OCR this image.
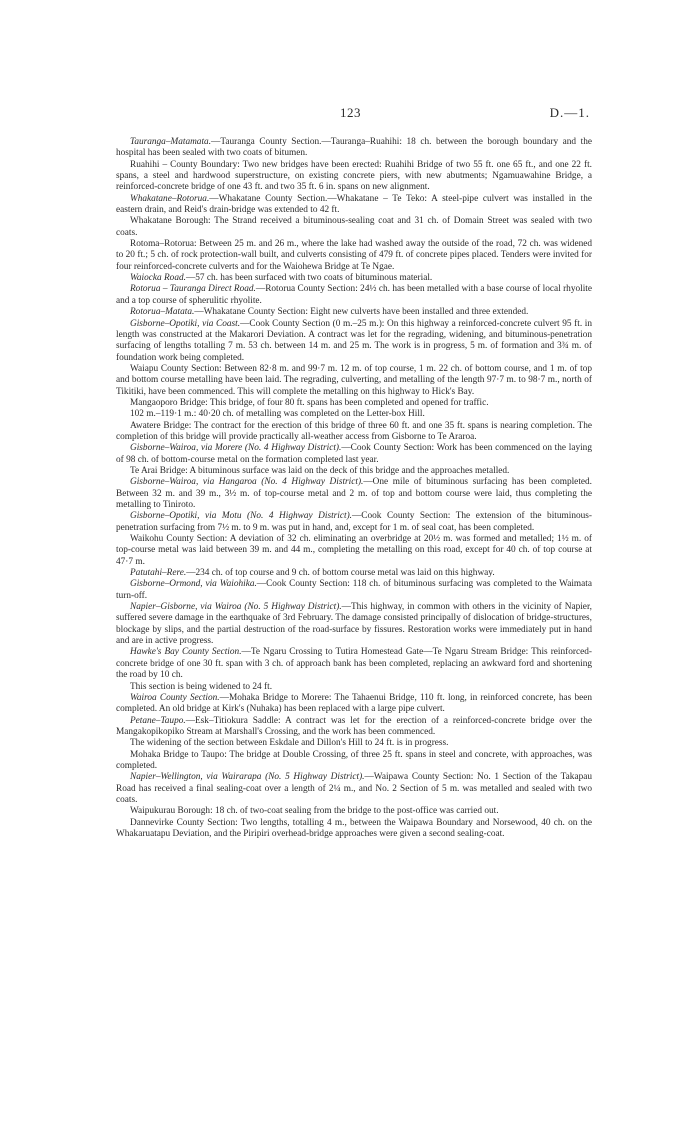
123	D.—1.

Tauranga–Matamata.—Tauranga County Section.—Tauranga–Ruahihi: 18 ch. between the borough boundary and the hospital has been sealed with two coats of bitumen.

Ruahihi – County Boundary: Two new bridges have been erected: Ruahihi Bridge of two 55 ft. one 65 ft., and one 22 ft. spans, a steel and hardwood superstructure, on existing concrete piers, with new abutments; Ngamuawahine Bridge, a reinforced-concrete bridge of one 43 ft. and two 35 ft. 6 in. spans on new alignment.

Whakatane–Rotorua.—Whakatane County Section.—Whakatane – Te Teko: A steel-pipe culvert was installed in the eastern drain, and Reid's drain-bridge was extended to 42 ft.

Whakatane Borough: The Strand received a bituminous-sealing coat and 31 ch. of Domain Street was sealed with two coats.

Rotoma–Rotorua: Between 25 m. and 26 m., where the lake had washed away the outside of the road, 72 ch. was widened to 20 ft.; 5 ch. of rock protection-wall built, and culverts consisting of 479 ft. of concrete pipes placed. Tenders were invited for four reinforced-concrete culverts and for the Waiohewa Bridge at Te Ngae.

Waiocka Road.—57 ch. has been surfaced with two coats of bituminous material.

Rotorua – Tauranga Direct Road.—Rotorua County Section: 24½ ch. has been metalled with a base course of local rhyolite and a top course of spherulitic rhyolite.

Rotorua–Matata.—Whakatane County Section: Eight new culverts have been installed and three extended.

Gisborne–Opotiki, via Coast.—Cook County Section (0 m.–25 m.): On this highway a reinforced-concrete culvert 95 ft. in length was constructed at the Makarori Deviation. A contract was let for the regrading, widening, and bituminous-penetration surfacing of lengths totalling 7 m. 53 ch. between 14 m. and 25 m. The work is in progress, 5 m. of formation and 3¾ m. of foundation work being completed.

Waiapu County Section: Between 82·8 m. and 99·7 m. 12 m. of top course, 1 m. 22 ch. of bottom course, and 1 m. of top and bottom course metalling have been laid. The regrading, culverting, and metalling of the length 97·7 m. to 98·7 m., north of Tikitiki, have been commenced. This will complete the metalling on this highway to Hick's Bay.

Mangaoporo Bridge: This bridge, of four 80 ft. spans has been completed and opened for traffic.

102 m.–119·1 m.: 40·20 ch. of metalling was completed on the Letter-box Hill.

Awatere Bridge: The contract for the erection of this bridge of three 60 ft. and one 35 ft. spans is nearing completion. The completion of this bridge will provide practically all-weather access from Gisborne to Te Araroa.

Gisborne–Wairoa, via Morere (No. 4 Highway District).—Cook County Section: Work has been commenced on the laying of 98 ch. of bottom-course metal on the formation completed last year.

Te Arai Bridge: A bituminous surface was laid on the deck of this bridge and the approaches metalled.

Gisborne–Wairoa, via Hangaroa (No. 4 Highway District).—One mile of bituminous surfacing has been completed. Between 32 m. and 39 m., 3½ m. of top-course metal and 2 m. of top and bottom course were laid, thus completing the metalling to Tiniroto.

Gisborne–Opotiki, via Motu (No. 4 Highway District).—Cook County Section: The extension of the bituminous-penetration surfacing from 7½ m. to 9 m. was put in hand, and, except for 1 m. of seal coat, has been completed.

Waikohu County Section: A deviation of 32 ch. eliminating an overbridge at 20½ m. was formed and metalled; 1½ m. of top-course metal was laid between 39 m. and 44 m., completing the metalling on this road, except for 40 ch. of top course at 47·7 m.

Patutahi–Rere.—234 ch. of top course and 9 ch. of bottom course metal was laid on this highway.

Gisborne–Ormond, via Waiohika.—Cook County Section: 118 ch. of bituminous surfacing was completed to the Waimata turn-off.

Napier–Gisborne, via Wairoa (No. 5 Highway District).—This highway, in common with others in the vicinity of Napier, suffered severe damage in the earthquake of 3rd February. The damage consisted principally of dislocation of bridge-structures, blockage by slips, and the partial destruction of the road-surface by fissures. Restoration works were immediately put in hand and are in active progress.

Hawke's Bay County Section.—Te Ngaru Crossing to Tutira Homestead Gate—Te Ngaru Stream Bridge: This reinforced-concrete bridge of one 30 ft. span with 3 ch. of approach bank has been completed, replacing an awkward ford and shortening the road by 10 ch.

This section is being widened to 24 ft.

Wairoa County Section.—Mohaka Bridge to Morere: The Tahaenui Bridge, 110 ft. long, in reinforced concrete, has been completed. An old bridge at Kirk's (Nuhaka) has been replaced with a large pipe culvert.

Petane–Taupo.—Esk–Titiokura Saddle: A contract was let for the erection of a reinforced-concrete bridge over the Mangakopikopiko Stream at Marshall's Crossing, and the work has been commenced.

The widening of the section between Eskdale and Dillon's Hill to 24 ft. is in progress.

Mohaka Bridge to Taupo: The bridge at Double Crossing, of three 25 ft. spans in steel and concrete, with approaches, was completed.

Napier–Wellington, via Wairarapa (No. 5 Highway District).—Waipawa County Section: No. 1 Section of the Takapau Road has received a final sealing-coat over a length of 2¼ m., and No. 2 Section of 5 m. was metalled and sealed with two coats.

Waipukurau Borough: 18 ch. of two-coat sealing from the bridge to the post-office was carried out.

Dannevirke County Section: Two lengths, totalling 4 m., between the Waipawa Boundary and Norsewood, 40 ch. on the Whakaruatapu Deviation, and the Piripiri overhead-bridge approaches were given a second sealing-coat.
